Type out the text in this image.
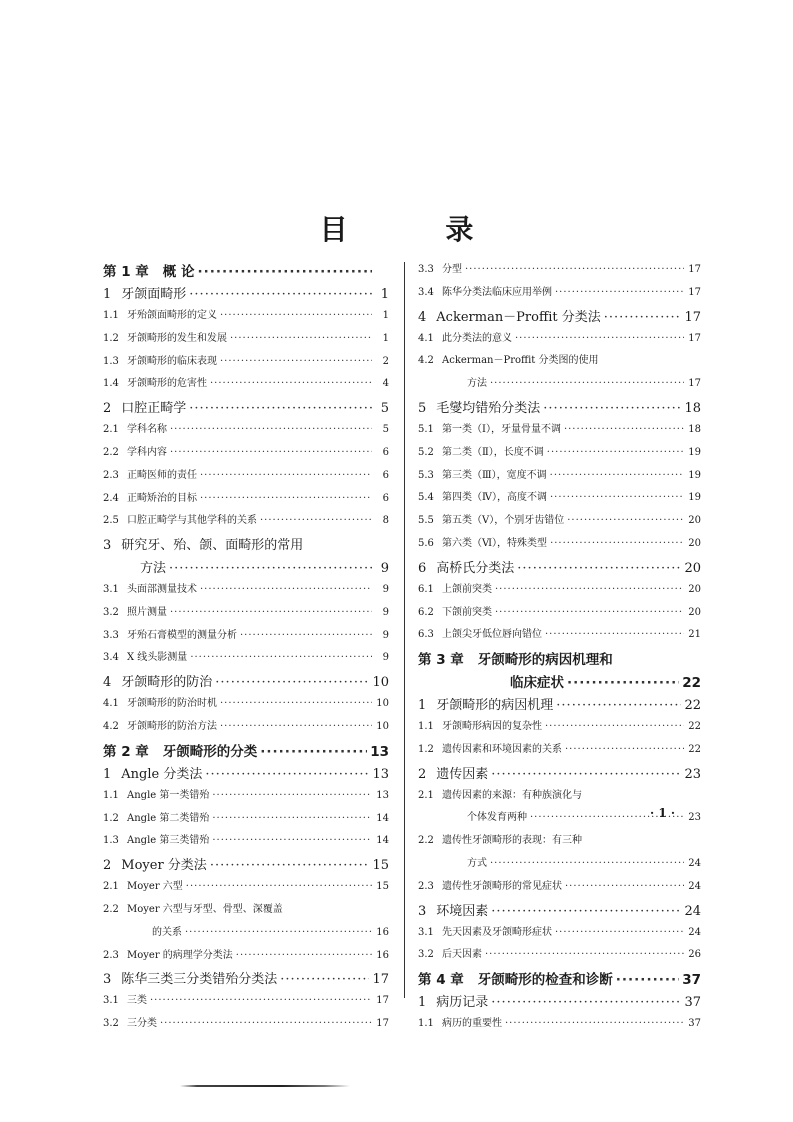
目 录
第 1 章 概 论
·····
1 牙颌面畸形 ·····	1
1.1 牙殆颌面畸形的定义 ·····	1
1.2 牙颌畸形的发生和发展 ·····	1
1.3 牙颌畸形的临床表现 ·····	2
1.4 牙颌畸形的危害性 ·····	4
2 口腔正畸学 ·····	5
2.1 学科名称 ·····	5
2.2 学科内容 ·····	6
2.3 正畸医师的责任 ·····	6
2.4 正畸矫治的目标 ·····	6
2.5 口腔正畸学与其他学科的关系 ·····	8
3 研究牙、殆、颌、面畸形的常用
方法 ·····	9
3.1 头面部测量技术 ·····	9
3.2 照片测量 ·····	9
3.3 牙殆石膏模型的测量分析 ·····	9
3.4 X 线头影测量 ·····	9
4 牙颌畸形的防治 ·····	10
4.1 牙颌畸形的防治时机 ·····	10
4.2 牙颌畸形的防治方法 ·····	10
第 2 章 牙颌畸形的分类 ·····	13
1 Angle 分类法 ·····	13
1.1 Angle 第一类错殆 ·····	13
1.2 Angle 第二类错殆 ·····	14
1.3 Angle 第三类错殆 ·····	14
2 Moyer 分类法 ·····	15
2.1 Moyer 六型 ·····	15
2.2 Moyer 六型与牙型、骨型、深覆盖
的关系 ·····	16
2.3 Moyer 的病理学分类法 ·····	16
3 陈华三类三分类错殆分类法 ·····	17
3.1 三类 ·····	17
3.2 三分类 ·····	17
3.3 分型 ·····	17
3.4 陈华分类法临床应用举例 ·····	17
4 Ackerman－Proffit 分类法 ·····	17
4.1 此分类法的意义 ·····	17
4.2 Ackerman－Proffit 分类图的使用
方法 ·····	17
5 毛燮均错殆分类法 ·····	18
5.1 第一类（Ⅰ），牙量骨量不调 ·····	18
5.2 第二类（Ⅱ），长度不调 ·····	19
5.3 第三类（Ⅲ），宽度不调 ·····	19
5.4 第四类（Ⅳ），高度不调 ·····	19
5.5 第五类（Ⅴ），个别牙齿错位 ·····	20
5.6 第六类（Ⅵ），特殊类型 ·····	20
6 高桥氏分类法 ·····	20
6.1 上颌前突类 ·····	20
6.2 下颌前突类 ·····	20
6.3 上颌尖牙低位唇向错位 ·····	21
第 3 章 牙颌畸形的病因机理和
临床症状 ·····	22
1 牙颌畸形的病因机理 ·····	22
1.1 牙颌畸形病因的复杂性 ·····	22
1.2 遗传因素和环境因素的关系 ·····	22
2 遗传因素 ·····	23
2.1 遗传因素的来源：有种族演化与
个体发育两种 ·····	23
2.2 遗传性牙颌畸形的表现：有三种
方式 ·····	24
2.3 遗传性牙颌畸形的常见症状 ·····	24
3 环境因素 ·····	24
3.1 先天因素及牙颌畸形症状 ·····	24
3.2 后天因素 ·····	26
第 4 章 牙颌畸形的检查和诊断 ·····	37
1 病历记录 ·····	37
1.1 病历的重要性 ·····	37
· 1 ·
